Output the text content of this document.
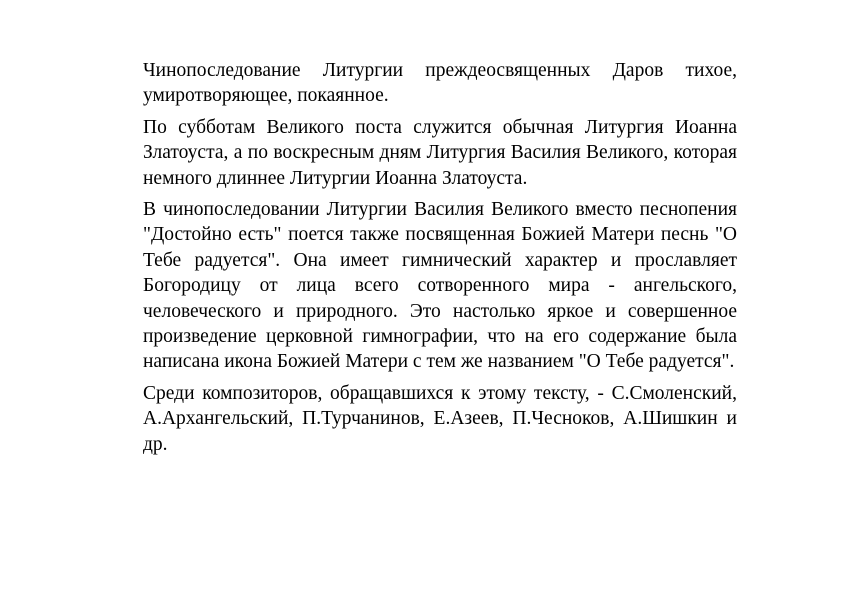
Чинопоследование Литургии преждеосвященных Даров тихое, умиротворяющее, покаянное.

По субботам Великого поста служится обычная Литургия Иоанна Златоуста, а по воскресным дням Литургия Василия Великого, которая немного длиннее Литургии Иоанна Златоуста.

В чинопоследовании Литургии Василия Великого вместо песнопения "Достойно есть" поется также посвященная Божией Матери песнь "О Тебе радуется". Она имеет гимнический характер и прославляет Богородицу от лица всего сотворенного мира - ангельского, человеческого и природного. Это настолько яркое и совершенное произведение церковной гимнографии, что на его содержание была написана икона Божией Матери с тем же названием "О Тебе радуется".

Среди композиторов, обращавшихся к этому тексту, - С.Смоленский, А.Архангельский, П.Турчанинов, Е.Азеев, П.Чесноков, А.Шишкин и др.
